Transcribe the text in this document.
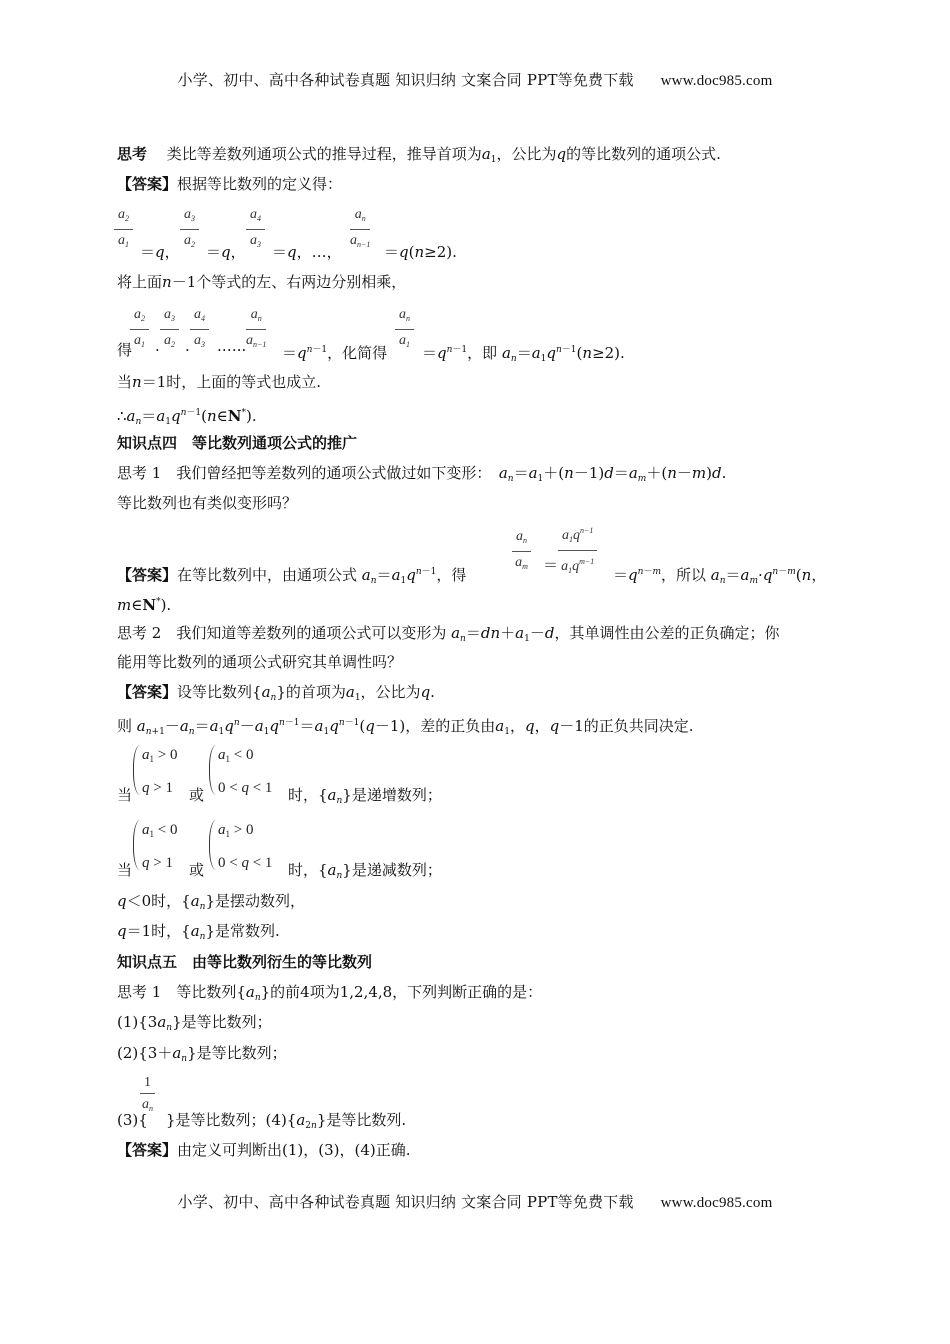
小学、初中、高中各种试卷真题 知识归纳 文案合同 PPT等免费下载 www.doc985.com
思考　 类比等差数列通项公式的推导过程，推导首项为$a_1$，公比为q的等比数列的通项公式.
【答案】根据等比数列的定义得：
$\frac{a_2}{a_1} =q$， $\frac{a_3}{a_2} =q$， $\frac{a_4}{a_3} =q$，…， $\frac{a_n}{a_{n-1}} =q(n\ge 2)$.
将上面n－1个等式的左、右两边分别相乘，
得
$\frac{a_2}{a_1}$ . $\frac{a_3}{a_2}$ . $\frac{a_4}{a_3}$ .….. $\frac{a_n}{a_{n-1}} =q^{n-1}$，化简得 $\frac{a_n}{a_1} =q^{n-1}$，即 $a_n=a_1q^{n-1}(n\ge 2)$.
当n＝1时，上面的等式也成立.
$\therefore a_n=a_1q^{n-1}(n\in N^*)$.
知识点四　等比数列通项公式的推广
思考 1　我们曾经把等差数列的通项公式做过如下变形：　$a_n=a_1+(n-1)d=a_m+(n-m)d$.
等比数列也有类似变形吗？
【答案】在等比数列中，由通项公式 $a_n=a_1q^{n-1}$，得	$\frac{a_n}{a_m} = \frac{a_1q^{n-1}}{a_1q^{m-1}} =q^{n-m}$，所以 $a_n=a_m\cdot q^{n-m}(n$，
m∈N*).
思考 2　我们知道等差数列的通项公式可以变形为 $a_n=dn+a_1-d$，其单调性由公差的正负确定；你
能用等比数列的通项公式研究其单调性吗？
【答案】设等比数列$\{a_n\}$的首项为$a_1$，公比为q.
则 $a_{n+1}-a_n=a_1q^n-a_1q^{n-1}=a_1q^{n-1}(q-1)$，差的正负由$a_1$，q，q－1的正负共同决定.
当
$a_1 > 0$
q > 1	或
$a_1 < 0$
0 < q < 1 时，$\{a_n\}$是递增数列；
当
$a_1 < 0$
q > 1	或
$a_1 > 0$
0 < q < 1 时，$\{a_n\}$是递减数列；
q＜0时，$\{a_n\}$是摆动数列，
q＝1时，$\{a_n\}$是常数列.
知识点五　由等比数列衍生的等比数列
思考 1　等比数列$\{a_n\}$的前4项为1,2,4,8，下列判断正确的是：
$(1)\{3a_n\}$是等比数列；
$(2)\{3+a_n\}$是等比数列；
(3){
$\frac{1}{a_n}$
}是等比数列；$(4)\{a_{2n}\}$是等比数列.
【答案】由定义可判断出(1)，(3)，(4)正确.
小学、初中、高中各种试卷真题 知识归纳 文案合同 PPT等免费下载 www.doc985.com
